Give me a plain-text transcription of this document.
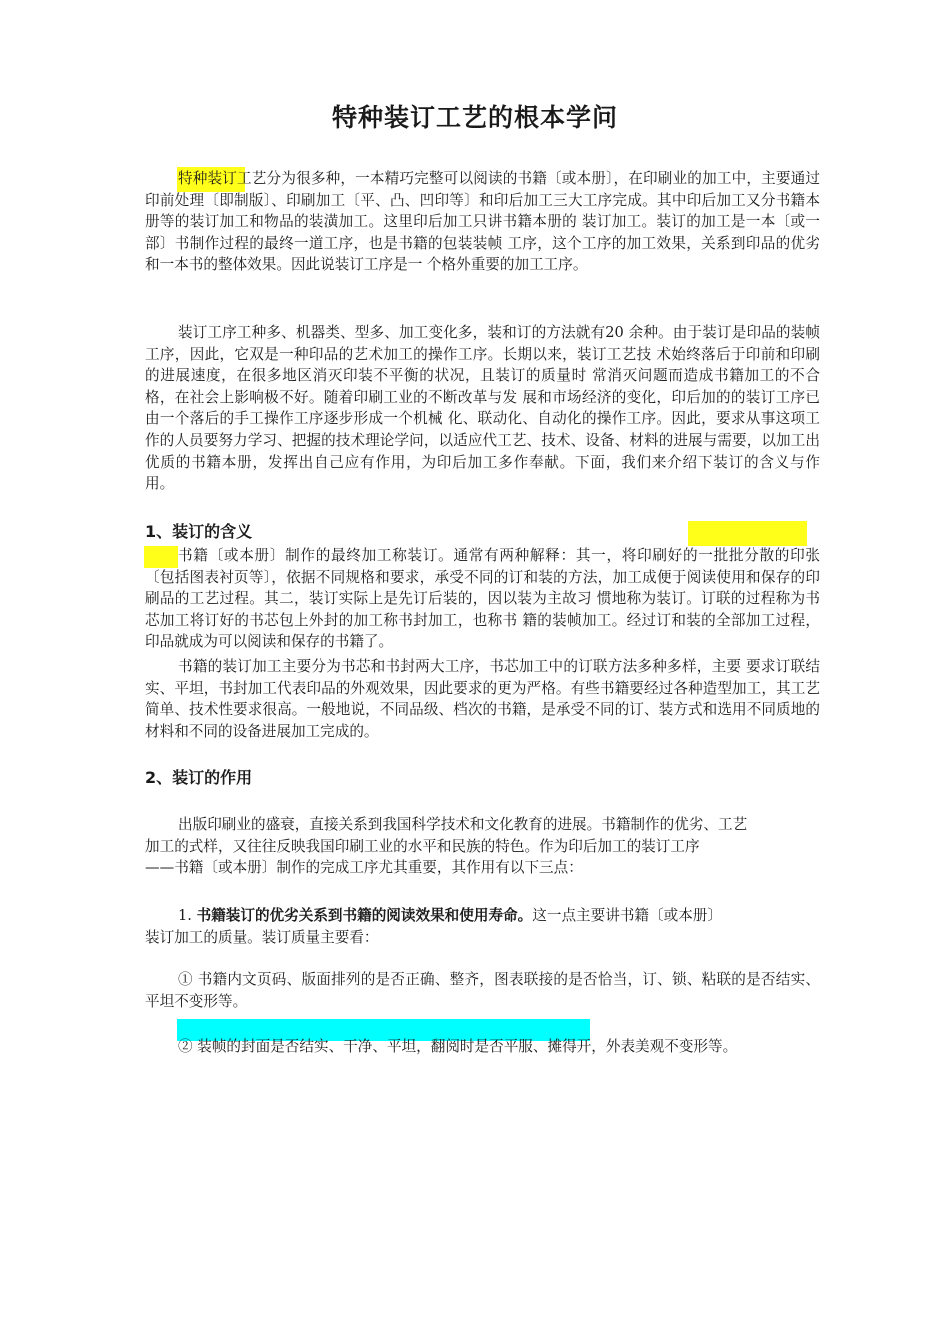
特种装订工艺的根本学问
特种装订工艺分为很多种，一本精巧完整可以阅读的书籍〔或本册〕，在印刷业的加工中，主要通过印前处理〔即制版〕、印刷加工〔平、凸、凹印等〕和印后加工三大工序完成。其中印后加工又分书籍本册等的装订加工和物品的装潢加工。这里印后加工只讲书籍本册的 装订加工。装订的加工是一本〔或一部〕书制作过程的最终一道工序，也是书籍的包装装帧 工序，这个工序的加工效果，关系到印品的优劣和一本书的整体效果。因此说装订工序是一 个格外重要的加工工序。
装订工序工种多、机器类、型多、加工变化多，装和订的方法就有20 余种。由于装订是印品的装帧工序，因此，它双是一种印品的艺术加工的操作工序。长期以来，装订工艺技 术始终落后于印前和印刷的进展速度，在很多地区消灭印装不平衡的状况，且装订的质量时 常消灭问题而造成书籍加工的不合格，在社会上影响极不好。随着印刷工业的不断改革与发 展和市场经济的变化，印后加的的装订工序已由一个落后的手工操作工序逐步形成一个机械 化、联动化、自动化的操作工序。因此，要求从事这项工作的人员要努力学习、把握的技术理论学问，以适应代工艺、技术、设备、材料的进展与需要，以加工出优质的书籍本册，发挥出自己应有作用，为印后加工多作奉献。下面，我们来介绍下装订的含义与作 用。
1、装订的含义
书籍〔或本册〕制作的最终加工称装订。通常有两种解释：其一，将印刷好的一批批分散的印张〔包括图表衬页等〕，依据不同规格和要求，承受不同的订和装的方法，加工成便于阅读使用和保存的印刷品的工艺过程。其二，装订实际上是先订后装的，因以装为主故习 惯地称为装订。订联的过程称为书芯加工将订好的书芯包上外封的加工称书封加工，也称书 籍的装帧加工。经过订和装的全部加工过程，印品就成为可以阅读和保存的书籍了。
书籍的装订加工主要分为书芯和书封两大工序，书芯加工中的订联方法多种多样，主要 要求订联结实、平坦，书封加工代表印品的外观效果，因此要求的更为严格。有些书籍要经过各种造型加工，其工艺简单、技术性要求很高。一般地说，不同品级、档次的书籍，是承受不同的订、装方式和选用不同质地的材料和不同的设备进展加工完成的。
2、装订的作用
出版印刷业的盛衰，直接关系到我国科学技术和文化教育的进展。书籍制作的优劣、工艺
加工的式样，又往往反映我国印刷工业的水平和民族的特色。作为印后加工的装订工序
——书籍〔或本册〕制作的完成工序尤其重要，其作用有以下三点：
1. 书籍装订的优劣关系到书籍的阅读效果和使用寿命。这一点主要讲书籍〔或本册〕
装订加工的质量。装订质量主要看：
① 书籍内文页码、版面排列的是否正确、整齐，图表联接的是否恰当，订、锁、粘联的是否结实、平坦不变形等。
② 装帧的封面是否结实、干净、平坦，翻阅时是否平服、摊得开，外表美观不变形等。
